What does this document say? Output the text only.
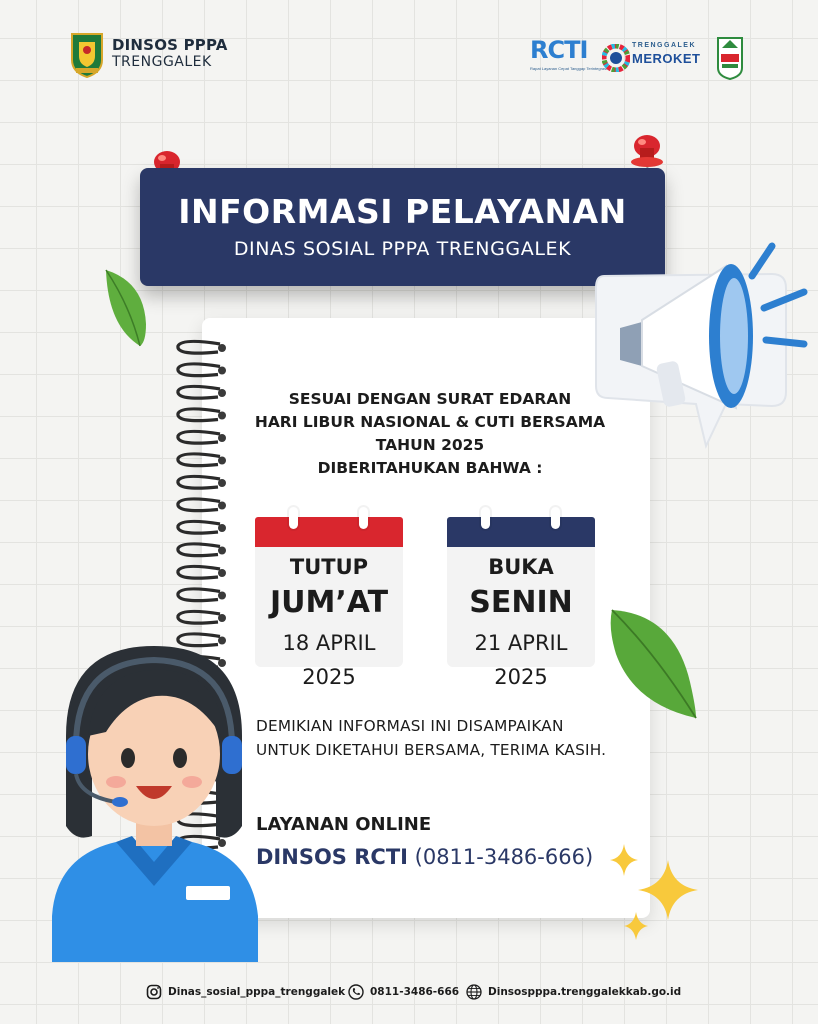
DINSOS PPPA
TRENGGALEK	RCTI
Rapat Layanan Cepat Tanggap Terintegrasi
TRENGGALEK
MEROKET
INFORMASI PELAYANAN
DINAS SOSIAL PPPA TRENGGALEK
SESUAI DENGAN SURAT EDARAN
HARI LIBUR NASIONAL & CUTI BERSAMA
TAHUN 2025
DIBERITAHUKAN BAHWA :
TUTUP
JUM’AT
18 APRIL
2025
BUKA
SENIN
21 APRIL
2025
DEMIKIAN INFORMASI INI DISAMPAIKAN
UNTUK DIKETAHUI BERSAMA, TERIMA KASIH.
LAYANAN ONLINE
DINSOS RCTI (0811-3486-666)
Dinas_sosial_pppa_trenggalek 0811-3486-666	Dinsospppa.trenggalekkab.go.id
